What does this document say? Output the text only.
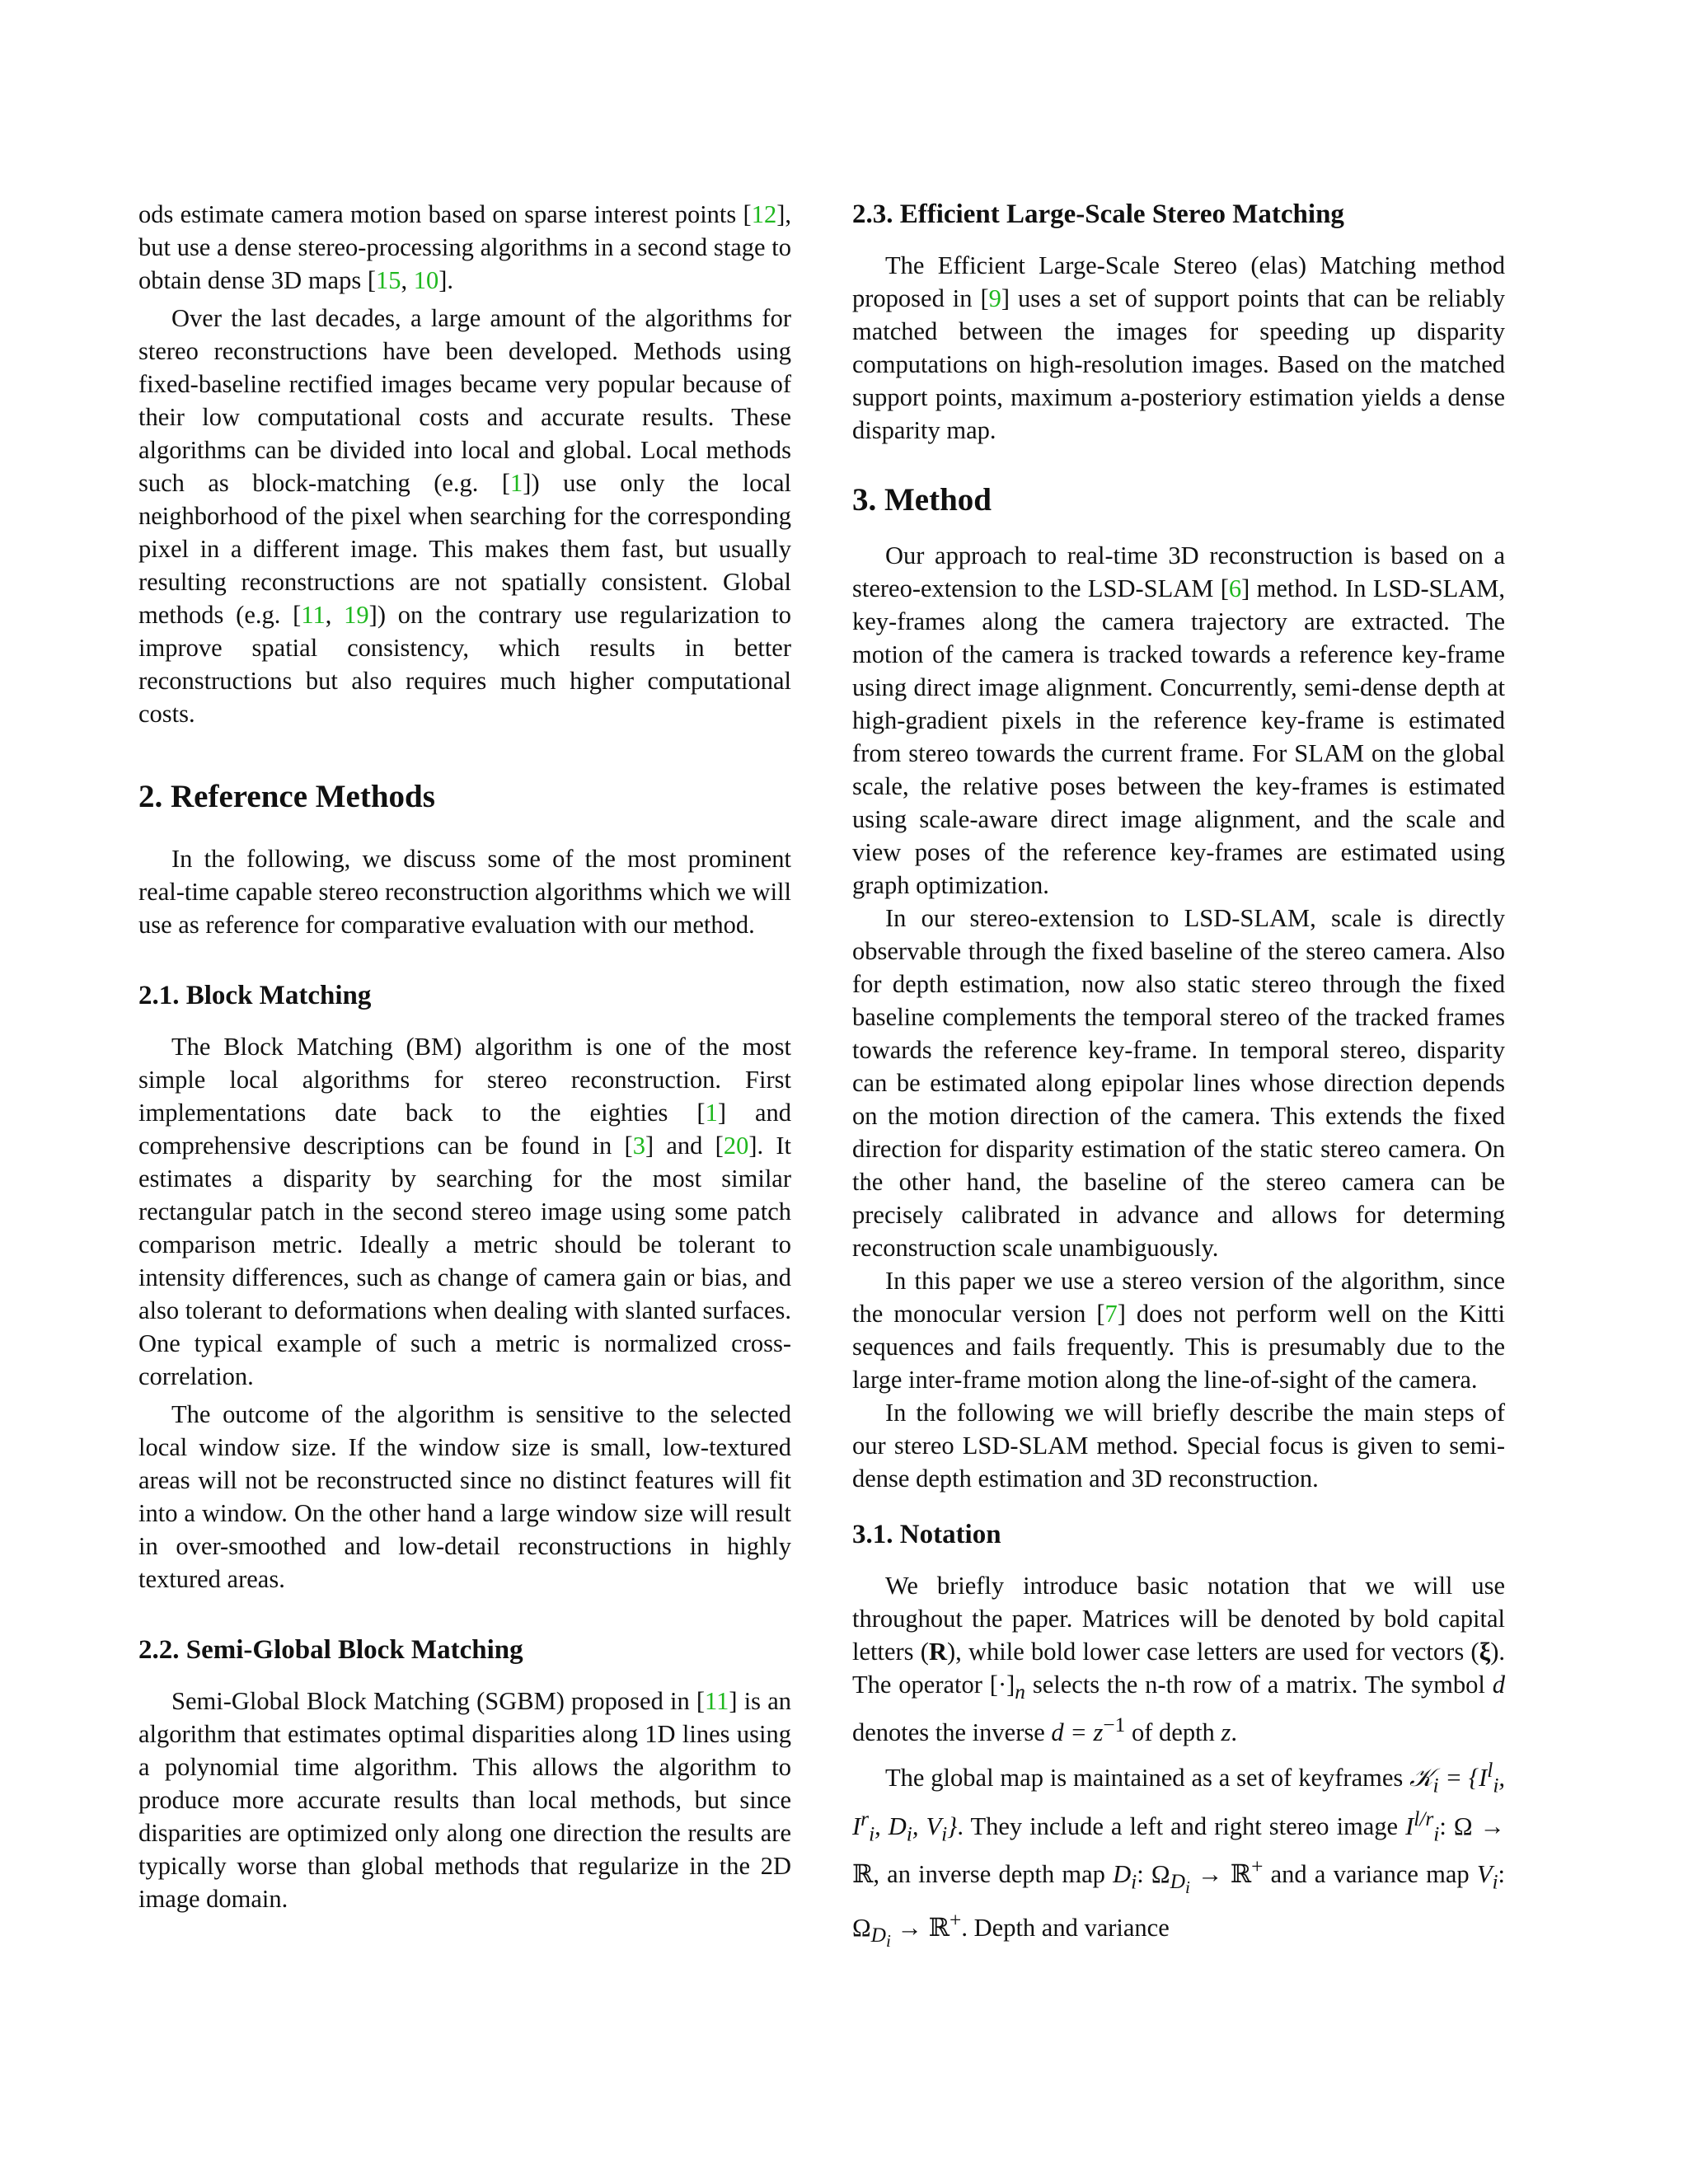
ods estimate camera motion based on sparse interest points [12], but use a dense stereo-processing algorithms in a second stage to obtain dense 3D maps [15, 10].

Over the last decades, a large amount of the algorithms for stereo reconstructions have been developed. Methods using fixed-baseline rectified images became very popular because of their low computational costs and accurate results. These algorithms can be divided into local and global. Local methods such as block-matching (e.g. [1]) use only the local neighborhood of the pixel when searching for the corresponding pixel in a different image. This makes them fast, but usually resulting reconstructions are not spatially consistent. Global methods (e.g. [11, 19]) on the contrary use regularization to improve spatial consistency, which results in better reconstructions but also requires much higher computational costs.

2. Reference Methods

In the following, we discuss some of the most prominent real-time capable stereo reconstruction algorithms which we will use as reference for comparative evaluation with our method.

2.1. Block Matching

The Block Matching (BM) algorithm is one of the most simple local algorithms for stereo reconstruction. First implementations date back to the eighties [1] and comprehensive descriptions can be found in [3] and [20]. It estimates a disparity by searching for the most similar rectangular patch in the second stereo image using some patch comparison metric. Ideally a metric should be tolerant to intensity differences, such as change of camera gain or bias, and also tolerant to deformations when dealing with slanted surfaces. One typical example of such a metric is normalized cross-correlation.

The outcome of the algorithm is sensitive to the selected local window size. If the window size is small, low-textured areas will not be reconstructed since no distinct features will fit into a window. On the other hand a large window size will result in over-smoothed and low-detail reconstructions in highly textured areas.

2.2. Semi-Global Block Matching

Semi-Global Block Matching (SGBM) proposed in [11] is an algorithm that estimates optimal disparities along 1D lines using a polynomial time algorithm. This allows the algorithm to produce more accurate results than local methods, but since disparities are optimized only along one direction the results are typically worse than global methods that regularize in the 2D image domain.

2.3. Efficient Large-Scale Stereo Matching

The Efficient Large-Scale Stereo (elas) Matching method proposed in [9] uses a set of support points that can be reliably matched between the images for speeding up disparity computations on high-resolution images. Based on the matched support points, maximum a-posteriory estimation yields a dense disparity map.

3. Method

Our approach to real-time 3D reconstruction is based on a stereo-extension to the LSD-SLAM [6] method. In LSD-SLAM, key-frames along the camera trajectory are extracted. The motion of the camera is tracked towards a reference key-frame using direct image alignment. Concurrently, semi-dense depth at high-gradient pixels in the reference key-frame is estimated from stereo towards the current frame. For SLAM on the global scale, the relative poses between the key-frames is estimated using scale-aware direct image alignment, and the scale and view poses of the reference key-frames are estimated using graph optimization.

In our stereo-extension to LSD-SLAM, scale is directly observable through the fixed baseline of the stereo camera. Also for depth estimation, now also static stereo through the fixed baseline complements the temporal stereo of the tracked frames towards the reference key-frame. In temporal stereo, disparity can be estimated along epipolar lines whose direction depends on the motion direction of the camera. This extends the fixed direction for disparity estimation of the static stereo camera. On the other hand, the baseline of the stereo camera can be precisely calibrated in advance and allows for determing reconstruction scale unambiguously.

In this paper we use a stereo version of the algorithm, since the monocular version [7] does not perform well on the Kitti sequences and fails frequently. This is presumably due to the large inter-frame motion along the line-of-sight of the camera.

In the following we will briefly describe the main steps of our stereo LSD-SLAM method. Special focus is given to semi-dense depth estimation and 3D reconstruction.

3.1. Notation

We briefly introduce basic notation that we will use throughout the paper. Matrices will be denoted by bold capital letters (R), while bold lower case letters are used for vectors (ξ). The operator $[\cdot]_n$ selects the n-th row of a matrix. The symbol d denotes the inverse $d = z^{-1}$ of depth z.

The global map is maintained as a set of keyframes 𝒦$_i$ = {$I^l_i$, $I^r_i$, $D_i$, $V_i$}. They include a left and right stereo image $I^{l/r}_i$: Ω → ℝ, an inverse depth map $D_i$: $\Omega_{D_i}$ → ℝ+ and a variance map $V_i$: $\Omega_{D_i}$ → ℝ+. Depth and variance
